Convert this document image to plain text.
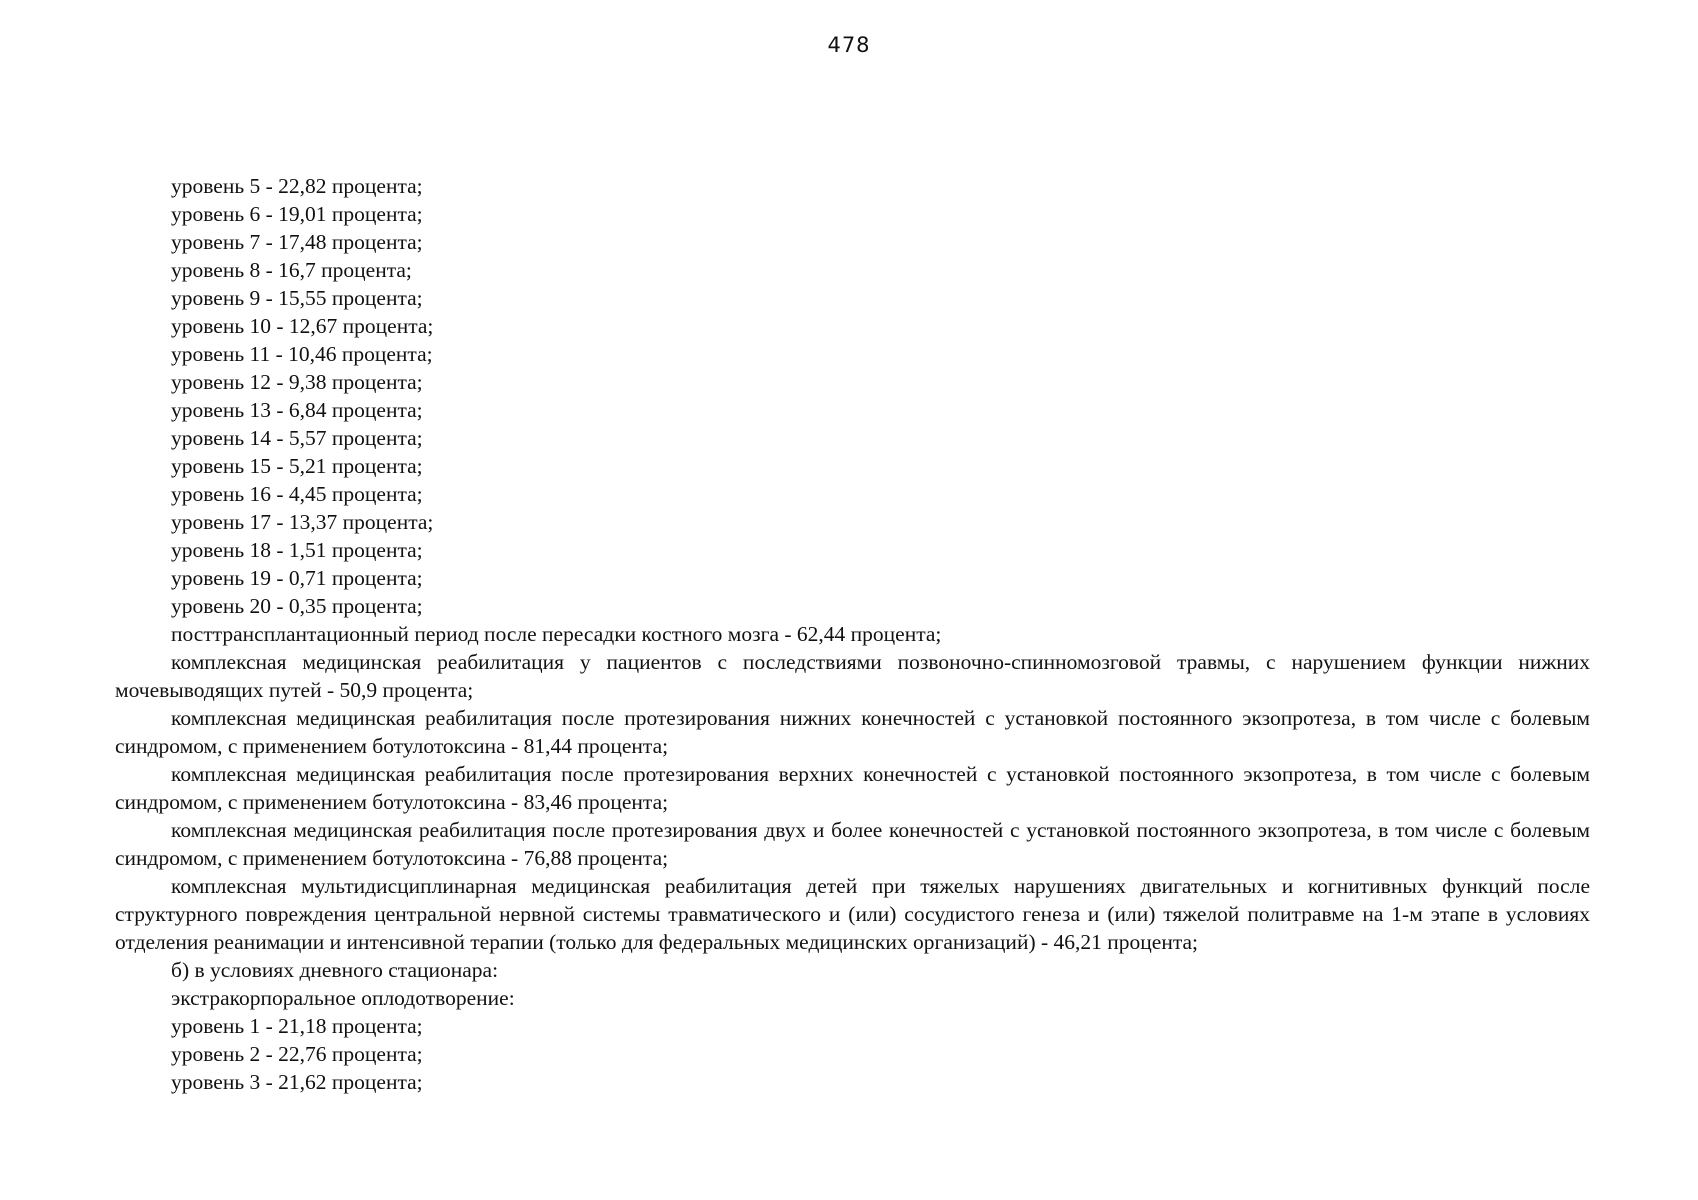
478

уровень 5 - 22,82 процента;

уровень 6 - 19,01 процента;

уровень 7 - 17,48 процента;

уровень 8 - 16,7 процента;

уровень 9 - 15,55 процента;

уровень 10 - 12,67 процента;

уровень 11 - 10,46 процента;

уровень 12 - 9,38 процента;

уровень 13 - 6,84 процента;

уровень 14 - 5,57 процента;

уровень 15 - 5,21 процента;

уровень 16 - 4,45 процента;

уровень 17 - 13,37 процента;

уровень 18 - 1,51 процента;

уровень 19 - 0,71 процента;

уровень 20 - 0,35 процента;

посттрансплантационный период после пересадки костного мозга - 62,44 процента;

комплексная медицинская реабилитация у пациентов с последствиями позвоночно-спинномозговой травмы, с нарушением функции нижних мочевыводящих путей - 50,9 процента;

комплексная медицинская реабилитация после протезирования нижних конечностей с установкой постоянного экзопротеза, в том числе с болевым синдромом, с применением ботулотоксина - 81,44 процента;

комплексная медицинская реабилитация после протезирования верхних конечностей с установкой постоянного экзопротеза, в том числе с болевым синдромом, с применением ботулотоксина - 83,46 процента;

комплексная медицинская реабилитация после протезирования двух и более конечностей с установкой постоянного экзопротеза, в том числе с болевым синдромом, с применением ботулотоксина - 76,88 процента;

комплексная мультидисциплинарная медицинская реабилитация детей при тяжелых нарушениях двигательных и когнитивных функций после структурного повреждения центральной нервной системы травматического и (или) сосудистого генеза и (или) тяжелой политравме на 1-м этапе в условиях отделения реанимации и интенсивной терапии (только для федеральных медицинских организаций) - 46,21 процента;

б) в условиях дневного стационара:

экстракорпоральное оплодотворение:

уровень 1 - 21,18 процента;

уровень 2 - 22,76 процента;

уровень 3 - 21,62 процента;
